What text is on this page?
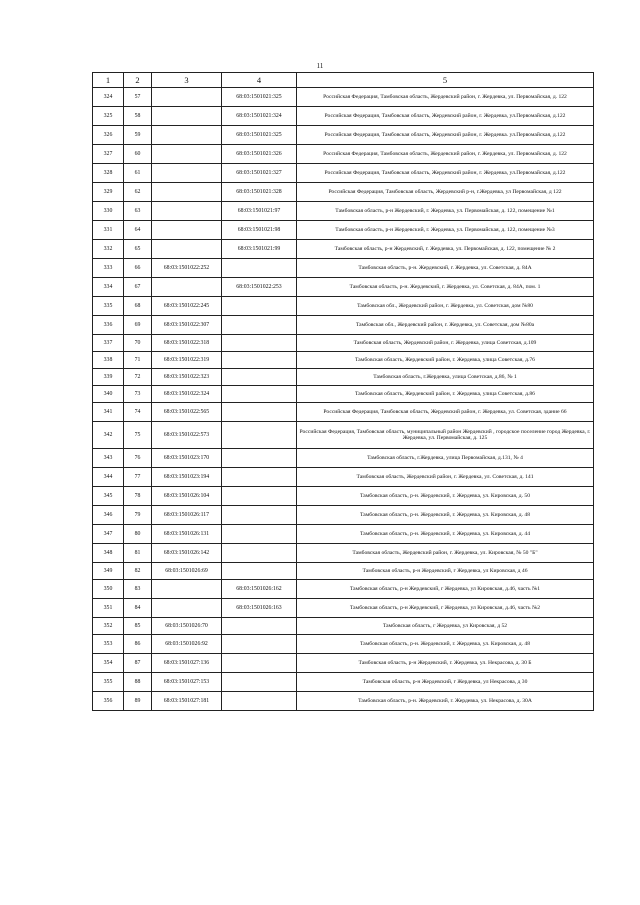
11
1	2	3	4	5
324	57		68:03:1501021:325	Российская Федерация, Тамбовская область, Жердевский район, г. Жердевка, ул. Первомайская, д. 122
325	58		68:03:1501021:324	Российская Федерация, Тамбовская область, Жердевский район, г. Жердевка, ул.Первомайская, д.122
326	59		68:03:1501021:325	Российская Федерация, Тамбовская область, Жердевский район, г. Жердевка. ул.Первомайская, д.122
327	60		68:03:1501021:326	Российская Федерация, Тамбовская область, Жердевский район, г. Жердевка, ул. Первомайская, д. 122
328	61		68:03:1501021:327	Российская Федерация, Тамбовская область, Жердевский район, г. Жердевка, ул.Первомайская, д.122
329	62		68:03:1501021:328	Российская Федерация, Тамбовская область, Жердевский р-н, г.Жердевка, ул Первомайская, д 122
330	63		68:03:1501021:97	Тамбовская область, р-н Жердевский, г. Жердевка, ул. Первомайская, д. 122, помещение №1
331	64		68:03:1501021:98	Тамбовская область, р-н Жердевский, г. Жердевка, ул. Первомайская, д. 122, помещение №3
332	65		68:03:1501021:99	Тамбовская область, р-н Жердевский, г. Жердевка, ул. Первомайская, д. 122, помещение № 2
333	66	68:03:1501022:252		Тамбовская область, р-н. Жердевский, г. Жердевка, ул. Советская, д. 84А
334	67		68:03:1501022:253	Тамбовская область, р-н. Жердевский, г. Жердевка, ул. Советская, д. 84А, пом. 1
335	68	68:03:1501022:245		Тамбовская обл., Жердевский район, г. Жердевка, ул. Советская, дом №80
336	69	68:03:1501022:307		Тамбовская обл., Жердевский район, г. Жердевка, ул. Советская, дом №80а
337	70	68:03:1501022:318		Тамбовская область, Жердевский район, г. Жердевка, улица Советская, д.109
338	71	68:03:1501022:319		Тамбовская область, Жердевский район, г. Жердевка, улица Советская, д.76
339	72	68:03:1501022:323		Тамбовская область, г.Жердевка, улица Советская, д.86, № 1
340	73	68:03:1501022:324		Тамбовская область, Жердевский район, г. Жердевка, улица Советская, д.86
341	74	68:03:1501022:565		Российская Федерация, Тамбовская область, Жердевский район, г. Жердевка, ул. Советская, здание 66
342	75	68:03:1501022:573		Российская Федерация, Тамбовская область, муниципальный район Жердевский , городское поселение город Жердевка, г. Жердевка, ул. Первомайская, д. 125
343	76	68:03:1501023:170		Тамбовская область, г.Жердевка, улица Первомайская, д.131, № 4
344	77	68:03:1501023:194		Тамбовская область, Жердевский район, г. Жердевка, ул. Советская, д. 141
345	78	68:03:1501026:104		Тамбовская область, р-н. Жердевский, г. Жердевка, ул. Кировская, д. 50
346	79	68:03:1501026:117		Тамбовская область, р-н. Жердевский, г. Жердевка, ул. Кировская, д. 48
347	80	68:03:1501026:131		Тамбовская область, р-н. Жердевский, г. Жердевка, ул. Кировская, д. 44
348	81	68:03:1501026:142		Тамбовская область, Жердевский район, г. Жердевка, ул. Кировская, № 50 "Б"
349	82	68:03:1501026:69		Тамбовская область, р-н Жердевский, г Жердевка, ул Кировская, д 46
350	83		68:03:1501026:162	Тамбовская область, р-н Жердевский, г Жердевка, ул Кировская, д.46, часть №1
351	84		68:03:1501026:163	Тамбовская область, р-н Жердевский, г Жердевка, ул Кировская, д.46, часть №2
352	85	68:03:1501026:70		Тамбовская область, г Жердевка, ул Кировская, д 52
353	86	68:03:1501026:92		Тамбовская область, р-н. Жердевский, г. Жердевка, ул. Кировская, д. 48
354	87	68:03:1501027:136		Тамбовская область, р-н Жердевский, г. Жердевка, ул. Некрасова, д. 30 Б
355	88	68:03:1501027:153		Тамбовская область, р-н Жердевский, г Жердевка, ул Некрасова, д 30
356	89	68:03:1501027:181		Тамбовская область, р-н. Жердевский, г. Жердевка, ул. Некрасова, д. 30А
